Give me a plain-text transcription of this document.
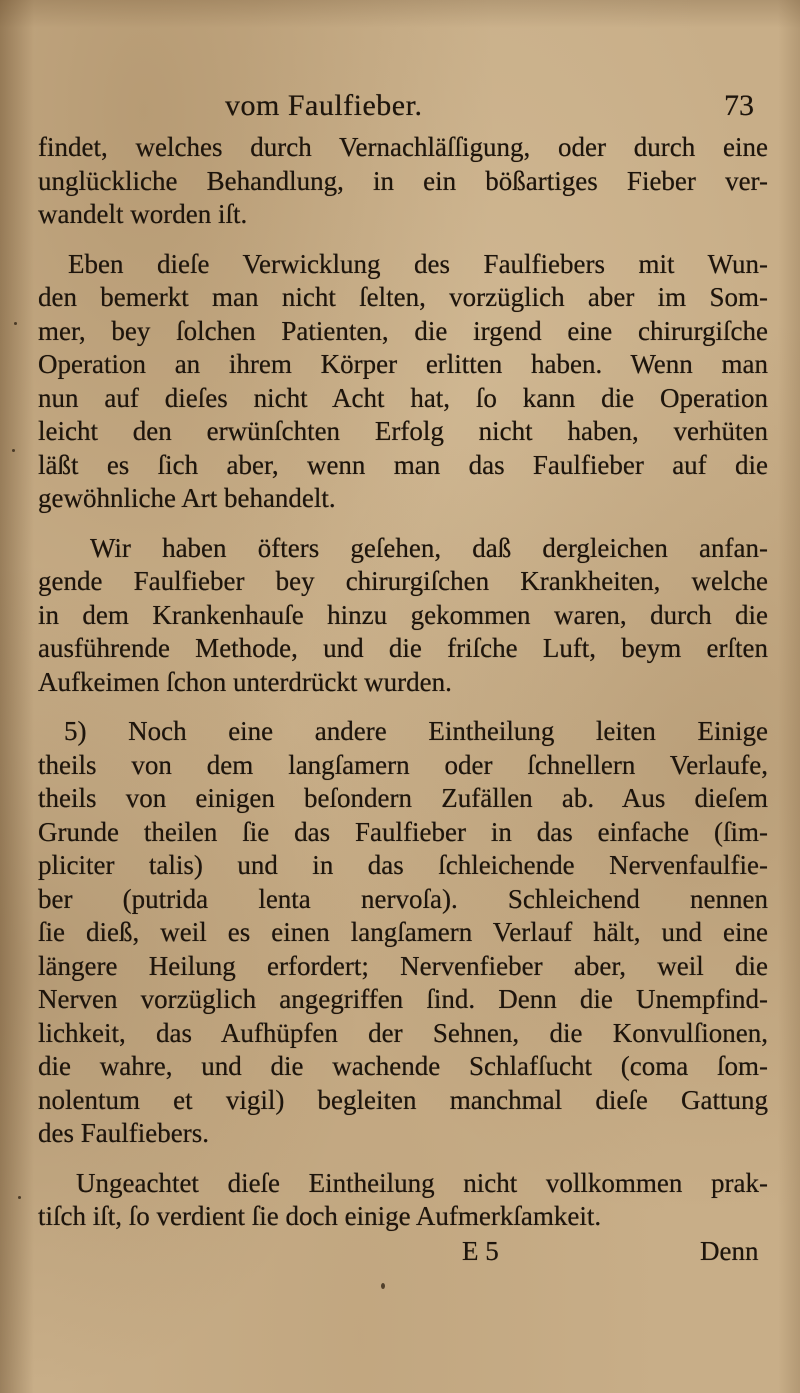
vom Faulfieber.	73
findet, welches durch Vernachläſſigung, oder durch eine
unglückliche Behandlung, in ein bößartiges Fieber ver-
wandelt worden iſt.
Eben dieſe Verwicklung des Faulfiebers mit Wun-
den bemerkt man nicht ſelten, vorzüglich aber im Som-
mer, bey ſolchen Patienten, die irgend eine chirurgiſche
Operation an ihrem Körper erlitten haben. Wenn man
nun auf dieſes nicht Acht hat, ſo kann die Operation
leicht den erwünſchten Erfolg nicht haben, verhüten
läßt es ſich aber, wenn man das Faulfieber auf die
gewöhnliche Art behandelt.
Wir haben öfters geſehen, daß dergleichen anfan-
gende Faulfieber bey chirurgiſchen Krankheiten, welche
in dem Krankenhauſe hinzu gekommen waren, durch die
ausführende Methode, und die friſche Luft, beym erſten
Aufkeimen ſchon unterdrückt wurden.
5) Noch eine andere Eintheilung leiten Einige
theils von dem langſamern oder ſchnellern Verlaufe,
theils von einigen beſondern Zufällen ab. Aus dieſem
Grunde theilen ſie das Faulfieber in das einfache (ſim-
pliciter talis) und in das ſchleichende Nervenfaulfie-
ber (putrida lenta nervoſa). Schleichend nennen
ſie dieß, weil es einen langſamern Verlauf hält, und eine
längere Heilung erfordert; Nervenfieber aber, weil die
Nerven vorzüglich angegriffen ſind. Denn die Unempfind-
lichkeit, das Aufhüpfen der Sehnen, die Konvulſionen,
die wahre, und die wachende Schlafſucht (coma ſom-
nolentum et vigil) begleiten manchmal dieſe Gattung
des Faulfiebers.
Ungeachtet dieſe Eintheilung nicht vollkommen prak-
tiſch iſt, ſo verdient ſie doch einige Aufmerkſamkeit.
E 5	Denn
